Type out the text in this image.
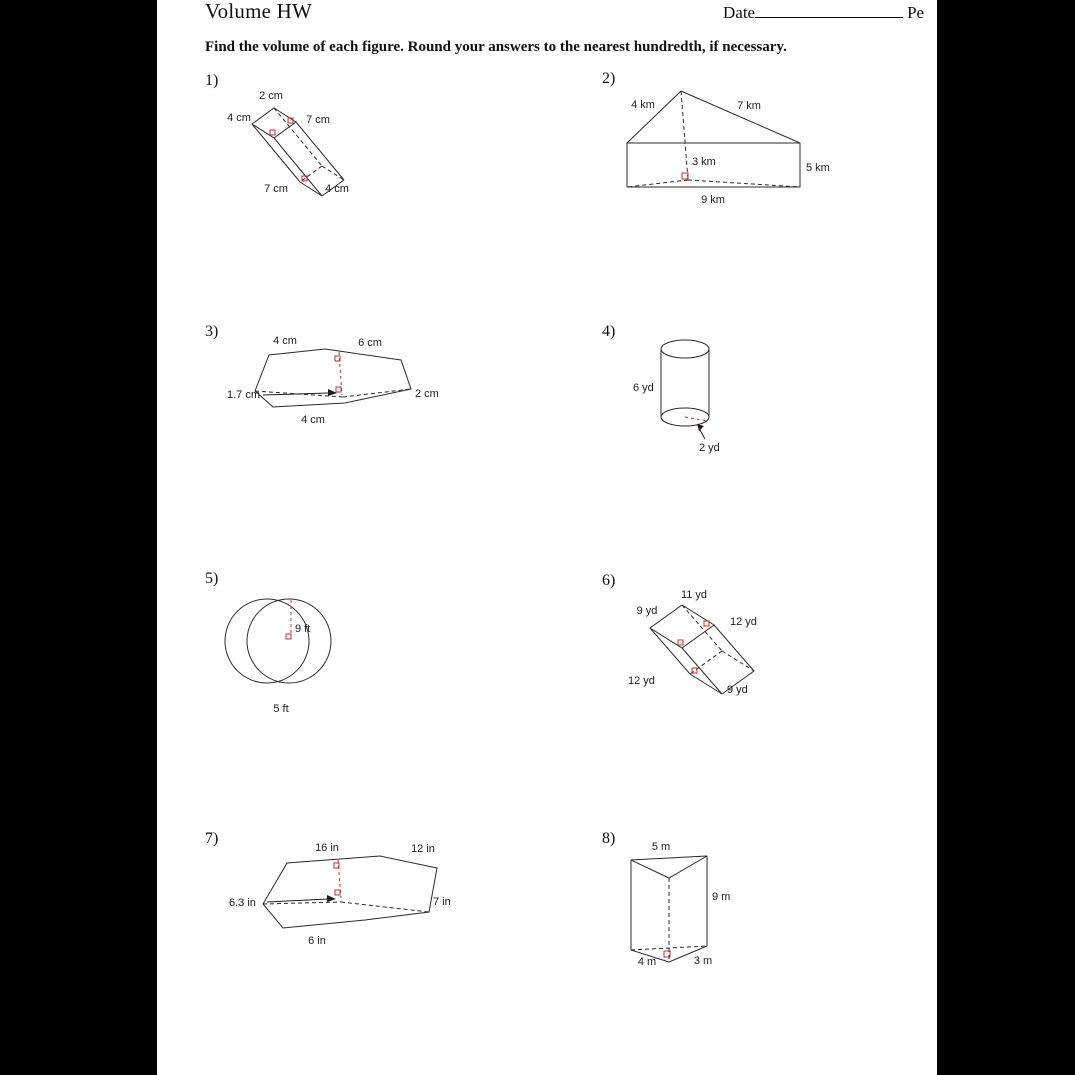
Volume HW	Date	Pe
Find the volume of each figure. Round your answers to the nearest hundredth, if necessary.
1)
2 cm
4 cm	7 cm
7 cm	4 cm
2)
4 km	7 km
3 km	5 km
9 km
3)
4 cm	6 cm
1.7 cm	2 cm
4 cm
4)
6 yd
2 yd
5)
9 ft
5 ft
6)
11 yd
9 yd
12 yd
12 yd
9 yd
7)
16 in	12 in
6.3 in	7 in
6 in
8)	5 m
9 m
4 m	3 m
